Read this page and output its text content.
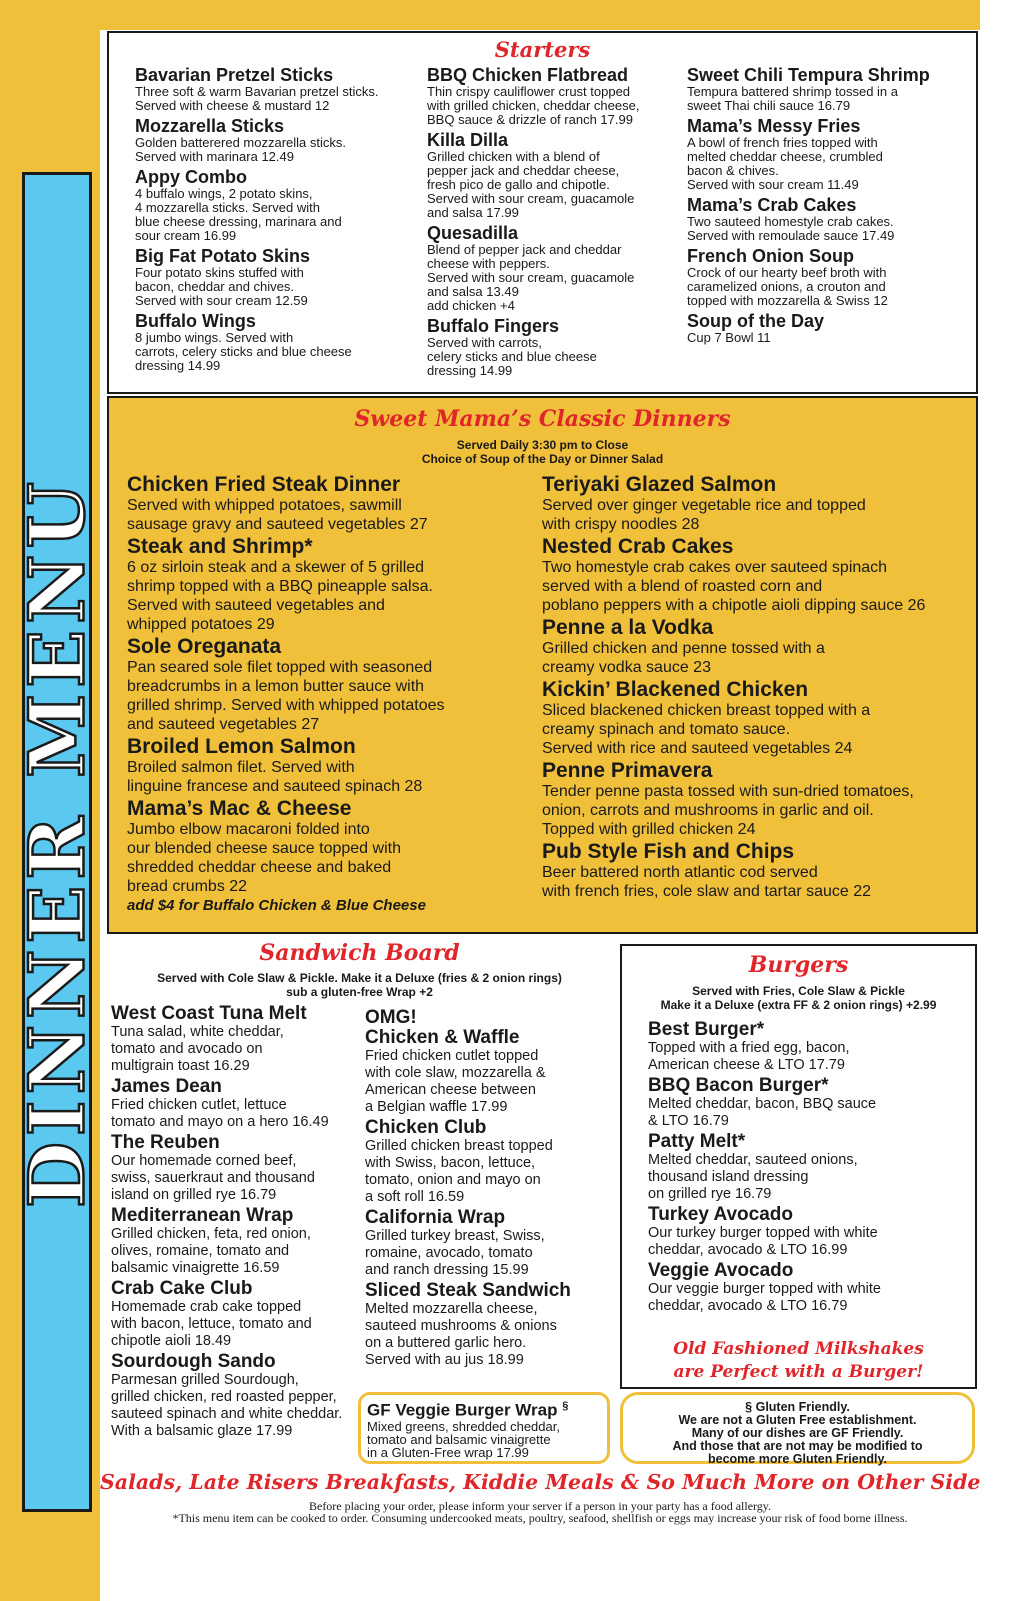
DINNER MENU
Starters
Bavarian Pretzel Sticks
Three soft & warm Bavarian pretzel sticks.
Served with cheese & mustard 12
Mozzarella Sticks
Golden batterered mozzarella sticks.
Served with marinara 12.49
Appy Combo
4 buffalo wings, 2 potato skins,
4 mozzarella sticks. Served with
blue cheese dressing, marinara and
sour cream 16.99
Big Fat Potato Skins
Four potato skins stuffed with
bacon, cheddar and chives.
Served with sour cream 12.59
Buffalo Wings
8 jumbo wings. Served with
carrots, celery sticks and blue cheese
dressing 14.99
BBQ Chicken Flatbread
Thin crispy cauliflower crust topped
with grilled chicken, cheddar cheese,
BBQ sauce & drizzle of ranch 17.99
Killa Dilla
Grilled chicken with a blend of
pepper jack and cheddar cheese,
fresh pico de gallo and chipotle.
Served with sour cream, guacamole
and salsa 17.99
Quesadilla
Blend of pepper jack and cheddar
cheese with peppers.
Served with sour cream, guacamole
and salsa 13.49
add chicken +4
Buffalo Fingers
Served with carrots,
celery sticks and blue cheese
dressing 14.99
Sweet Chili Tempura Shrimp
Tempura battered shrimp tossed in a
sweet Thai chili sauce 16.79
Mama’s Messy Fries
A bowl of french fries topped with
melted cheddar cheese, crumbled
bacon & chives.
Served with sour cream 11.49
Mama’s Crab Cakes
Two sauteed homestyle crab cakes.
Served with remoulade sauce 17.49
French Onion Soup
Crock of our hearty beef broth with
caramelized onions, a crouton and
topped with mozzarella & Swiss 12
Soup of the Day
Cup 7 Bowl 11
Sweet Mama’s Classic Dinners
Served Daily 3:30 pm to Close
Choice of Soup of the Day or Dinner Salad
Chicken Fried Steak Dinner
Served with whipped potatoes, sawmill
sausage gravy and sauteed vegetables 27
Steak and Shrimp*
6 oz sirloin steak and a skewer of 5 grilled
shrimp topped with a BBQ pineapple salsa.
Served with sauteed vegetables and
whipped potatoes 29
Sole Oreganata
Pan seared sole filet topped with seasoned
breadcrumbs in a lemon butter sauce with
grilled shrimp. Served with whipped potatoes
and sauteed vegetables 27
Broiled Lemon Salmon
Broiled salmon filet. Served with
linguine francese and sauteed spinach 28
Mama’s Mac & Cheese
Jumbo elbow macaroni folded into
our blended cheese sauce topped with
shredded cheddar cheese and baked
bread crumbs 22
add $4 for Buffalo Chicken & Blue Cheese
Teriyaki Glazed Salmon
Served over ginger vegetable rice and topped
with crispy noodles 28
Nested Crab Cakes
Two homestyle crab cakes over sauteed spinach
served with a blend of roasted corn and
poblano peppers with a chipotle aioli dipping sauce 26
Penne a la Vodka
Grilled chicken and penne tossed with a
creamy vodka sauce 23
Kickin’ Blackened Chicken
Sliced blackened chicken breast topped with a
creamy spinach and tomato sauce.
Served with rice and sauteed vegetables 24
Penne Primavera
Tender penne pasta tossed with sun-dried tomatoes,
onion, carrots and mushrooms in garlic and oil.
Topped with grilled chicken 24
Pub Style Fish and Chips
Beer battered north atlantic cod served
with french fries, cole slaw and tartar sauce 22
Sandwich Board
Served with Cole Slaw & Pickle. Make it a Deluxe (fries & 2 onion rings)
sub a gluten-free Wrap +2
West Coast Tuna Melt
Tuna salad, white cheddar,
tomato and avocado on
multigrain toast 16.29
James Dean
Fried chicken cutlet, lettuce
tomato and mayo on a hero 16.49
The Reuben
Our homemade corned beef,
swiss, sauerkraut and thousand
island on grilled rye 16.79
Mediterranean Wrap
Grilled chicken, feta, red onion,
olives, romaine, tomato and
balsamic vinaigrette 16.59
Crab Cake Club
Homemade crab cake topped
with bacon, lettuce, tomato and
chipotle aioli 18.49
Sourdough Sando
Parmesan grilled Sourdough,
grilled chicken, red roasted pepper,
sauteed spinach and white cheddar.
With a balsamic glaze 17.99
OMG!
Chicken & Waffle
Fried chicken cutlet topped
with cole slaw, mozzarella &
American cheese between
a Belgian waffle 17.99
Chicken Club
Grilled chicken breast topped
with Swiss, bacon, lettuce,
tomato, onion and mayo on
a soft roll 16.59
California Wrap
Grilled turkey breast, Swiss,
romaine, avocado, tomato
and ranch dressing 15.99
Sliced Steak Sandwich
Melted mozzarella cheese,
sauteed mushrooms & onions
on a buttered garlic hero.
Served with au jus 18.99
GF Veggie Burger Wrap §
Mixed greens, shredded cheddar,
tomato and balsamic vinaigrette
in a Gluten-Free wrap 17.99
Burgers
Served with Fries, Cole Slaw & Pickle
Make it a Deluxe (extra FF & 2 onion rings) +2.99
Best Burger*
Topped with a fried egg, bacon,
American cheese & LTO 17.79
BBQ Bacon Burger*
Melted cheddar, bacon, BBQ sauce
& LTO 16.79
Patty Melt*
Melted cheddar, sauteed onions,
thousand island dressing
on grilled rye 16.79
Turkey Avocado
Our turkey burger topped with white
cheddar, avocado & LTO 16.99
Veggie Avocado
Our veggie burger topped with white
cheddar, avocado & LTO 16.79
Old Fashioned Milkshakes
are Perfect with a Burger!
§ Gluten Friendly.
We are not a Gluten Free establishment.
Many of our dishes are GF Friendly.
And those that are not may be modified to
become more Gluten Friendly.
Salads, Late Risers Breakfasts, Kiddie Meals & So Much More on Other Side
Before placing your order, please inform your server if a person in your party has a food allergy.
*This menu item can be cooked to order. Consuming undercooked meats, poultry, seafood, shellfish or eggs may increase your risk of food borne illness.
